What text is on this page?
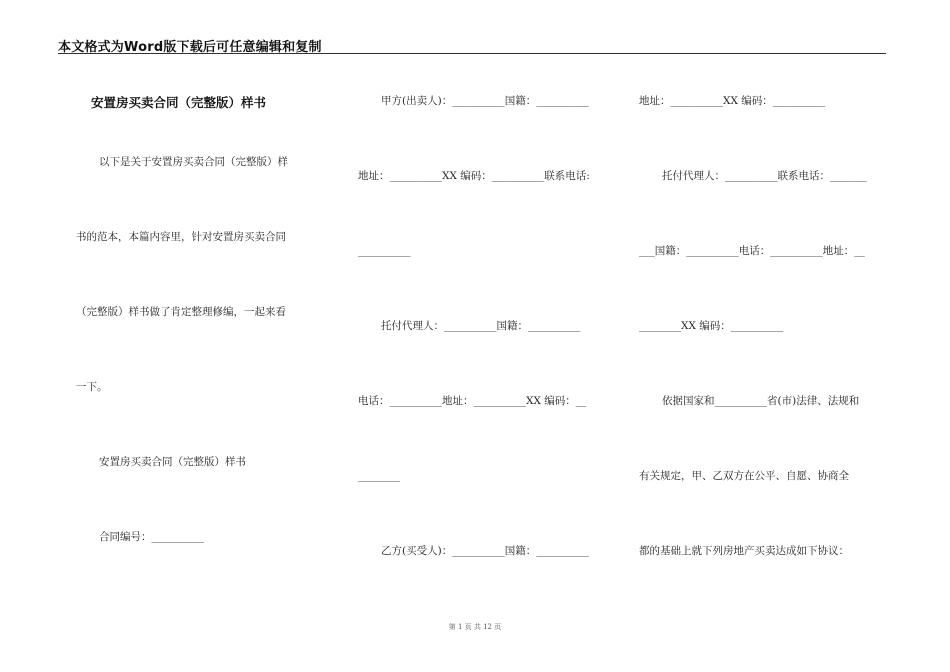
本文格式为Word版下载后可任意编辑和复制
安置房买卖合同（完整版）样书
以下是关于安置房买卖合同（完整版）样
书的范本，本篇内容里，针对安置房买卖合同
（完整版）样书做了肯定整理修编，一起来看
一下。
安置房买卖合同（完整版）样书
合同编号：__________
甲方(出卖人)：__________国籍：__________
地址：__________XX 编码：__________联系电话:
__________
托付代理人：__________国籍：__________
电话：__________地址：__________XX 编码：__
________
乙方(买受人)：__________国籍：__________
地址：__________XX 编码：__________
托付代理人：__________联系电话：_______
___国籍：__________电话：__________地址：__
________XX 编码：__________
依据国家和__________省(市)法律、法规和
有关规定，甲、乙双方在公平、自愿、协商全
都的基础上就下列房地产买卖达成如下协议：
第 1 页 共 12 页
